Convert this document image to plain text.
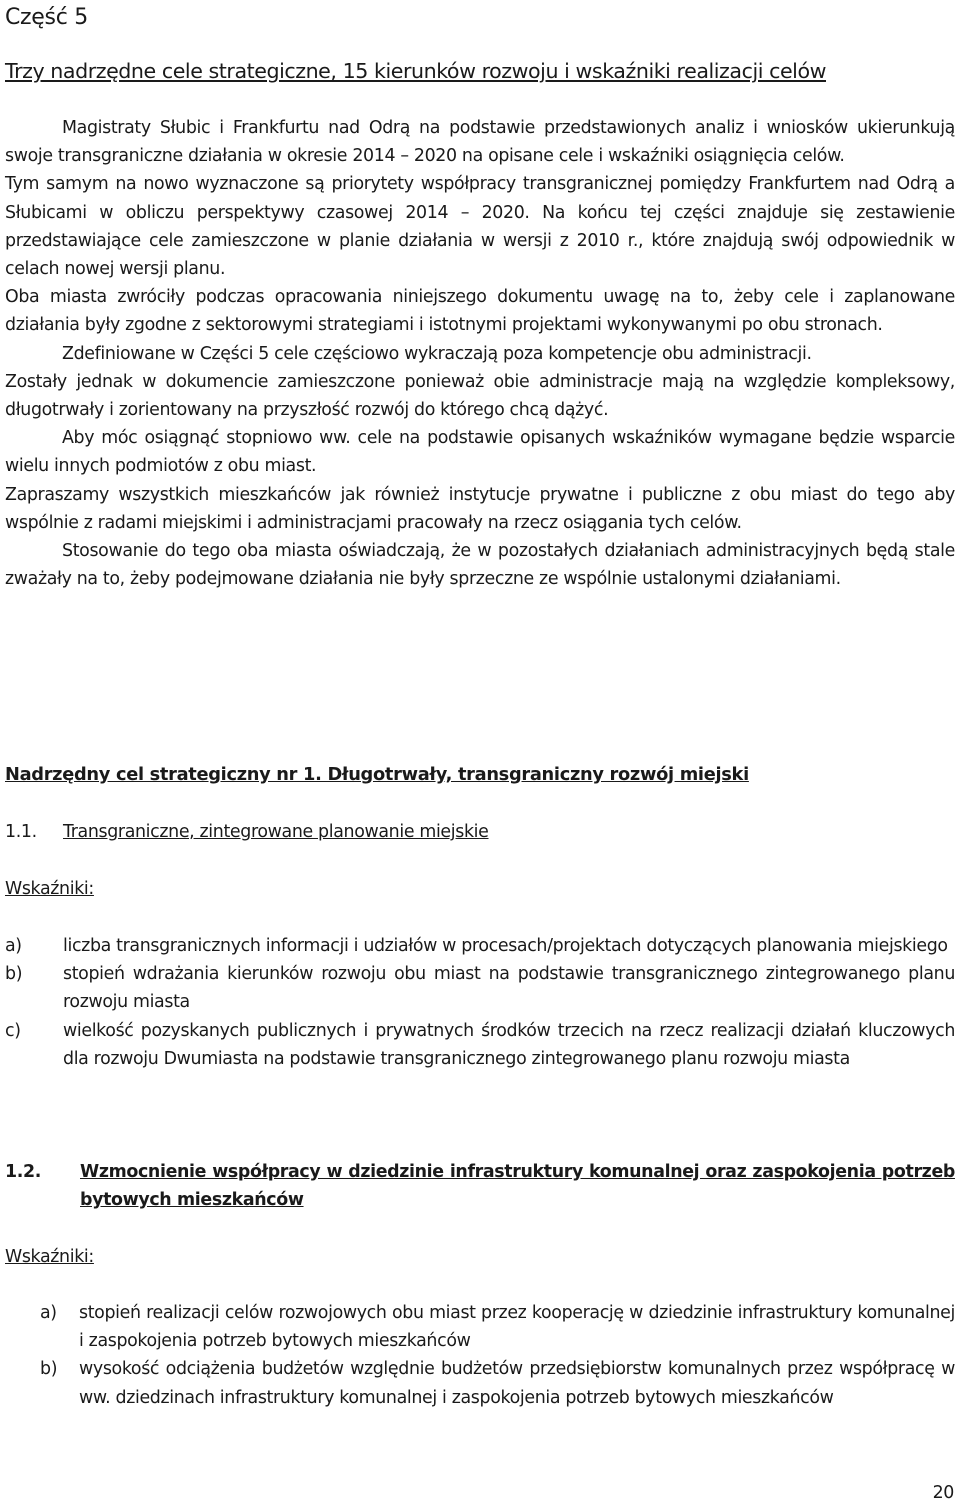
Część 5
Trzy nadrzędne cele strategiczne, 15 kierunków rozwoju i wskaźniki realizacji celów

Magistraty Słubic i Frankfurtu nad Odrą na podstawie przedstawionych analiz i wniosków ukierunkują swoje transgraniczne działania w okresie 2014 – 2020 na opisane cele i wskaźniki osiągnięcia celów.

Tym samym na nowo wyznaczone są priorytety współpracy transgranicznej pomiędzy Frankfurtem nad Odrą a Słubicami w obliczu perspektywy czasowej 2014 – 2020. Na końcu tej części znajduje się zestawienie przedstawiające cele zamieszczone w planie działania w wersji z 2010 r., które znajdują swój odpowiednik w celach nowej wersji planu.

Oba miasta zwróciły podczas opracowania niniejszego dokumentu uwagę na to, żeby cele i zaplanowane działania były zgodne z sektorowymi strategiami i istotnymi projektami wykonywanymi po obu stronach.

Zdefiniowane w Części 5 cele częściowo wykraczają poza kompetencje obu administracji.

Zostały jednak w dokumencie zamieszczone ponieważ obie administracje mają na względzie kompleksowy, długotrwały i zorientowany na przyszłość rozwój do którego chcą dążyć.

Aby móc osiągnąć stopniowo ww. cele na podstawie opisanych wskaźników wymagane będzie wsparcie wielu innych podmiotów z obu miast.

Zapraszamy wszystkich mieszkańców jak również instytucje prywatne i publiczne z obu miast do tego aby wspólnie z radami miejskimi i administracjami pracowały na rzecz osiągania tych celów.

Stosowanie do tego oba miasta oświadczają, że w pozostałych działaniach administracyjnych będą stale zważały na to, żeby podejmowane działania nie były sprzeczne ze wspólnie ustalonymi działaniami.

Nadrzędny cel strategiczny nr 1. Długotrwały, transgraniczny rozwój miejski
1.1. Transgraniczne, zintegrowane planowanie miejskie
Wskaźniki:
a) liczba transgranicznych informacji i udziałów w procesach/projektach dotyczących planowania miejskiego
b) stopień wdrażania kierunków rozwoju obu miast na podstawie transgranicznego zintegrowanego planu rozwoju miasta
c) wielkość pozyskanych publicznych i prywatnych środków trzecich na rzecz realizacji działań kluczowych dla rozwoju Dwumiasta na podstawie transgranicznego zintegrowanego planu rozwoju miasta
1.2. Wzmocnienie współpracy w dziedzinie infrastruktury komunalnej oraz zaspokojenia potrzeb bytowych mieszkańców
Wskaźniki:
a) stopień realizacji celów rozwojowych obu miast przez kooperację w dziedzinie infrastruktury komunalnej i zaspokojenia potrzeb bytowych mieszkańców
b) wysokość odciążenia budżetów względnie budżetów przedsiębiorstw komunalnych przez współpracę w ww. dziedzinach infrastruktury komunalnej i zaspokojenia potrzeb bytowych mieszkańców
20
